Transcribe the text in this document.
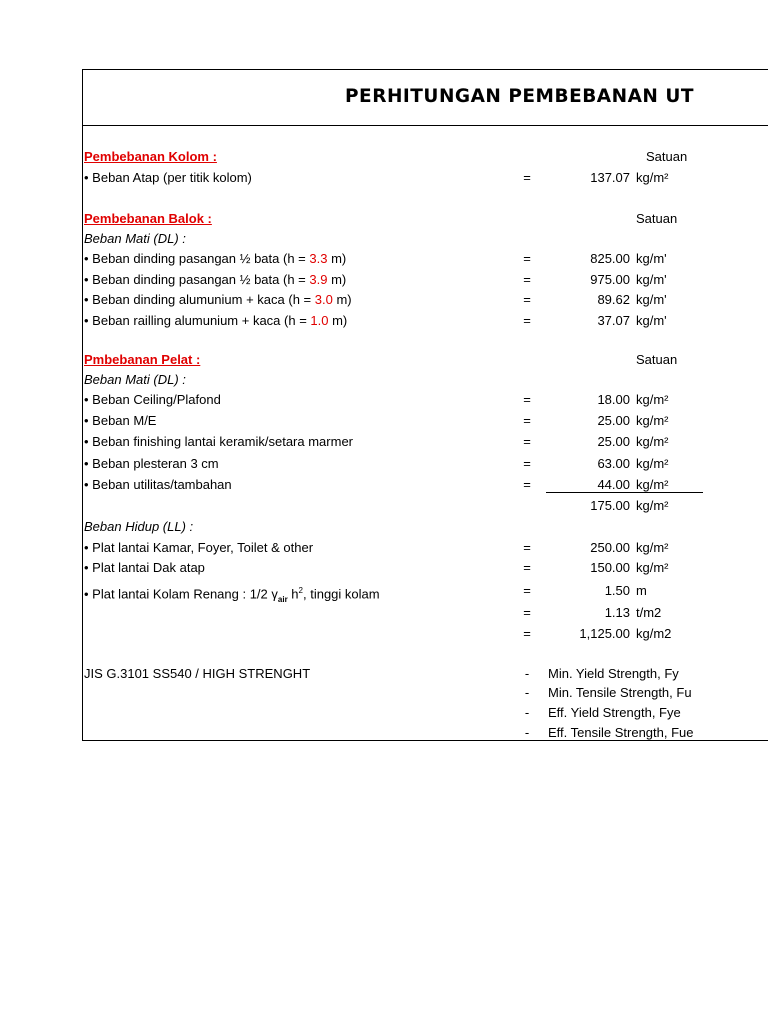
PERHITUNGAN PEMBEBANAN UT
Pembebanan Kolom :	Satuan
• Beban Atap (per titik kolom)	=	137.07 kg/m²
Pembebanan Balok :	Satuan
Beban Mati (DL) :
• Beban dinding pasangan ½ bata (h = 3.3 m)	=	825.00 kg/m'
• Beban dinding pasangan ½ bata (h = 3.9 m)	=	975.00 kg/m'
• Beban dinding alumunium + kaca (h = 3.0 m)	=	89.62 kg/m'
• Beban railling alumunium + kaca (h = 1.0 m)	=	37.07 kg/m'
Pmbebanan Pelat :	Satuan
Beban Mati (DL) :
• Beban Ceiling/Plafond	=	18.00 kg/m²
• Beban M/E	=	25.00 kg/m²
• Beban finishing lantai keramik/setara marmer	=	25.00 kg/m²
• Beban plesteran 3 cm	=	63.00 kg/m²
• Beban utilitas/tambahan	=	44.00 kg/m²
175.00 kg/m²
Beban Hidup (LL) :
• Plat lantai Kamar, Foyer, Toilet & other	=	250.00 kg/m²
• Plat lantai Dak atap	=	150.00 kg/m²
• Plat lantai Kolam Renang : 1/2 $\gamma_{air}$ $h^2$, tinggi kolam	=	1.50 m
=	1.13 t/m2
=	1,125.00 kg/m2
JIS G.3101 SS540 / HIGH STRENGHT	- Min. Yield Strength, Fy
- Min. Tensile Strength, Fu
- Eff. Yield Strength, Fye
- Eff. Tensile Strength, Fue
